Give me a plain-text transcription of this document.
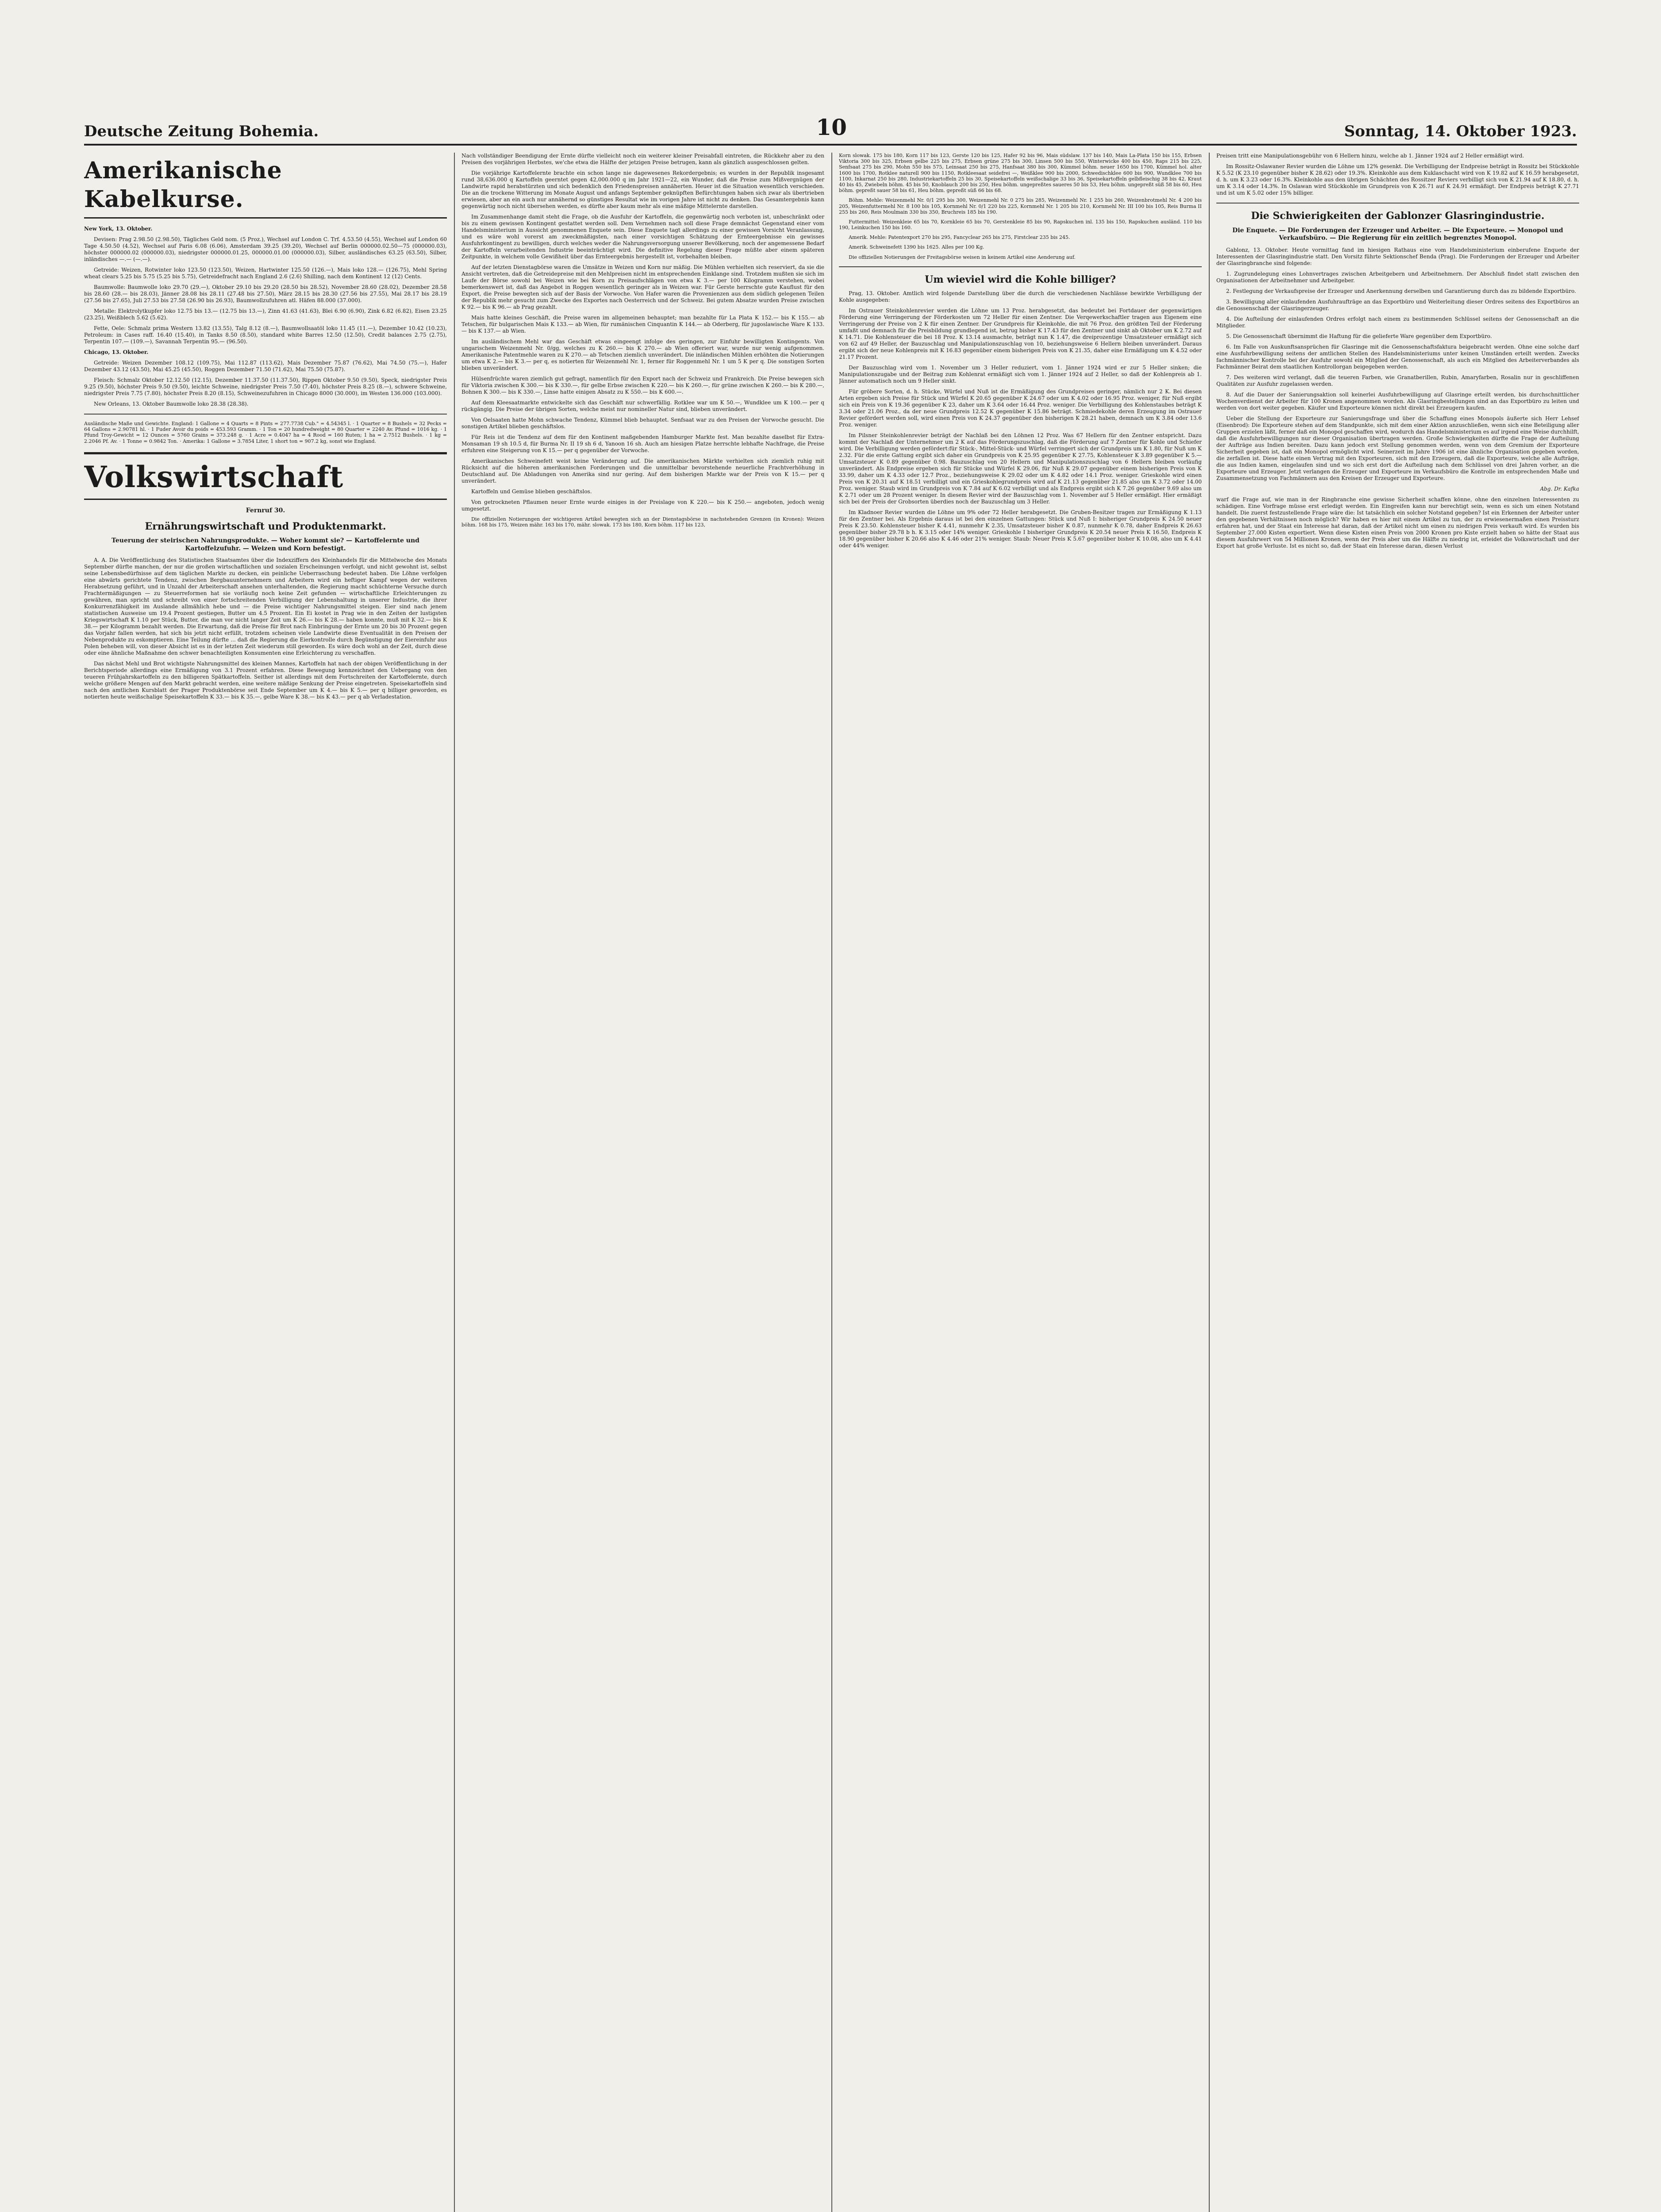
Deutsche Zeitung Bohemia.	10	Sonntag, 14. Oktober 1923.
Amerikanische Kabelkurse.

New York, 13. Oktober.

Devisen: Prag 2.98.50 (2.98.50), Tägliches Geld nom. (5 Proz.), Wechsel auf London C. Trf. 4.53.50 (4.55), Wechsel auf London 60 Tage 4.50.50 (4.52), Wechsel auf Paris 6.08 (6.06), Amsterdam 39.25 (39.20), Wechsel auf Berlin 000000.02.50—75 (000000.03), höchster 000000.02 (000000.03), niedrigster 000000.01.25, 000000.01.00 (000000.03), Silber, ausländisches 63.25 (63.50), Silber, inländisches —.— (—.—).

Getreide: Weizen, Rotwinter loko 123.50 (123.50), Weizen, Hartwinter 125.50 (126.—), Mais loko 128.— (126.75), Mehl Spring wheat clears 5.25 bis 5.75 (5.25 bis 5.75), Getreidefracht nach England 2.6 (2.6) Shilling, nach dem Kontinent 12 (12) Cents.

Baumwolle: Baumwolle loko 29.70 (29.—), Oktober 29.10 bis 29.20 (28.50 bis 28.52), November 28.60 (28.02), Dezember 28.58 bis 28.60 (28.— bis 28.03), Jänner 28.08 bis 28.11 (27.48 bis 27.50), März 28.15 bis 28.30 (27.56 bis 27.55), Mai 28.17 bis 28.19 (27.56 bis 27.65), Juli 27.53 bis 27.58 (26.90 bis 26.93), Baumwollzufuhren atl. Häfen 88.000 (37.000).

Metalle: Elektrolytkupfer loko 12.75 bis 13.— (12.75 bis 13.—), Zinn 41.63 (41.63), Blei 6.90 (6.90), Zink 6.82 (6.82), Eisen 23.25 (23.25), Weißblech 5.62 (5.62).

Fette, Oele: Schmalz prima Western 13.82 (13.55), Talg 8.12 (8.—), Baumwollsaatöl loko 11.45 (11.—), Dezember 10.42 (10.23), Petroleum: in Cases raff. 16.40 (15.40), in Tanks 8.50 (8.50), standard white Barres 12.50 (12.50), Credit balances 2.75 (2.75), Terpentin 107.— (109.—), Savannah Terpentin 95.— (96.50).

Chicago, 13. Oktober.

Getreide: Weizen Dezember 108.12 (109.75), Mai 112.87 (113.62), Mais Dezember 75.87 (76.62), Mai 74.50 (75.—), Hafer Dezember 43.12 (43.50), Mai 45.25 (45.50), Roggen Dezember 71.50 (71.62), Mai 75.50 (75.87).

Fleisch: Schmalz Oktober 12.12.50 (12.15), Dezember 11.37.50 (11.37.50), Rippen Oktober 9.50 (9.50), Speck, niedrigster Preis 9.25 (9.50), höchster Preis 9.50 (9.50), leichte Schweine, niedrigster Preis 7.50 (7.40), höchster Preis 8.25 (8.—), schwere Schweine, niedrigster Preis 7.75 (7.80), höchster Preis 8.20 (8.15), Schweinezufuhren in Chicago 8000 (30.000), im Westen 136.000 (103.000).

New Orleans, 13. Oktober Baumwolle loko 28.38 (28.38).

Ausländische Maße und Gewichte. England: 1 Gallone = 4 Quarts = 8 Pints = 277.7738 Cub." = 4.54345 l. · 1 Quarter = 8 Bushels = 32 Pecks = 64 Gallons = 2.90781 hl. · 1 Fuder Avoir du poids = 453.593 Gramm. · 1 Ton = 20 hundredweight = 80 Quarter = 2240 Av. Pfund = 1016 kg. · 1 Pfund Troy-Gewicht = 12 Ounces = 5760 Grains = 373.248 g. · 1 Acre = 0.4047 ha = 4 Rood = 160 Ruten; 1 ha = 2.7512 Bushels. · 1 kg = 2.2046 Pf. Av. · 1 Tonne = 0.9842 Ton. · Amerika: 1 Gallone = 3.7854 Liter, 1 short ton = 907.2 kg, sonst wie England.

Volkswirtschaft
Fernruf 30.
Ernährungswirtschaft und Produktenmarkt.
Teuerung der steirischen Nahrungsprodukte. — Woher kommt sie? — Kartoffelernte und Kartoffelzufuhr. — Weizen und Korn befestigt.

A. A. Die Veröffentlichung des Statistischen Staatsamtes über die Indexziffern des Kleinhandels für die Mittelwoche des Monats September dürfte manchen, der nur die großen wirtschaftlichen und sozialen Erscheinungen verfolgt, und nicht gewohnt ist, selbst seine Lebensbedürfnisse auf dem täglichen Markte zu decken, ein peinliche Ueberraschung bedeutet haben. Die Löhne verfolgen eine abwärts gerichtete Tendenz, zwischen Bergbauunternehmern und Arbeitern wird ein heftiger Kampf wegen der weiteren Herabsetzung geführt, und in Unzahl der Arbeiterschaft ansehen unterhaltenden, die Regierung macht schüchterne Versuche durch Frachtermäßigungen — zu Steuerreformen hat sie vorläufig noch keine Zeit gefunden — wirtschaftliche Erleichterungen zu gewähren, man spricht und schreibt von einer fortschreitenden Verbilligung der Lebenshaltung in unserer Industrie, die ihrer Konkurrenzfähigkeit im Auslande allmählich hebe und — die Preise wichtiger Nahrungsmittel steigen. Eier sind nach jenem statistischen Ausweise um 19.4 Prozent gestiegen, Butter um 4.5 Prozent. Ein Ei kostet in Prag wie in den Zeiten der lustigsten Kriegswirtschaft K 1.10 per Stück, Butter, die man vor nicht langer Zeit um K 26.— bis K 28.— haben konnte, muß mit K 32.— bis K 38.— per Kilogramm bezahlt werden. Die Erwartung, daß die Preise für Brot nach Einbringung der Ernte um 20 bis 30 Prozent gegen das Vorjahr fallen werden, hat sich bis jetzt nicht erfüllt, trotzdem scheinen viele Landwirte diese Eventualität in den Preisen der Nebenprodukte zu eskomptieren. Eine Teilung dürfte ... daß die Regierung die Eierkontrolle durch Begünstigung der Eiereinfuhr aus Polen beheben will, von dieser Absicht ist es in der letzten Zeit wiederum still geworden. Es wäre doch wohl an der Zeit, durch diese oder eine ähnliche Maßnahme den schwer benachteiligten Konsumenten eine Erleichterung zu verschaffen.

Das nächst Mehl und Brot wichtigste Nahrungsmittel des kleinen Mannes, Kartoffeln hat nach der obigen Veröffentlichung in der Berichtsperiode allerdings eine Ermäßigung von 3.1 Prozent erfahren. Diese Bewegung kennzeichnet den Uebergang von den teueren Frühjahrskartoffeln zu den billigeren Spätkartoffeln. Seither ist allerdings mit dem Fortschreiten der Kartoffelernte, durch welche größere Mengen auf den Markt gebracht werden, eine weitere mäßige Senkung der Preise eingetreten. Speisekartoffeln sind nach den amtlichen Kursblatt der Prager Produktenbörse seit Ende September um K 4.— bis K 5.— per q billiger geworden, es notierten heute weißschalige Speisekartoffeln K 33.— bis K 35.—, gelbe Ware K 38.— bis K 43.— per q ab Verladestation.

Nach vollständiger Beendigung der Ernte dürfte vielleicht noch ein weiterer kleiner Preisabfall eintreten, die Rückkehr aber zu den Preisen des vorjährigen Herbstes, we'che etwa die Hälfte der jetzigen Preise betrugen, kann als gänzlich ausgeschlossen gelten.

Die vorjährige Kartoffelernte brachte ein schon lange nie dagewesenes Rekordergebnis; es wurden in der Republik insgesamt rund 38,636.000 q Kartoffeln geerntet gegen 42,000.000 q im Jahr 1921—22, ein Wunder, daß die Preise zum Mißvergnügen der Landwirte rapid herabstürzten und sich bedenklich den Friedenspreisen annäherten. Heuer ist die Situation wesentlich verschieden. Die an die trockene Witterung im Monate August und anfangs September geknüpften Befürchtungen haben sich zwar als übertrieben erwiesen, aber an ein auch nur annähernd so günstiges Resultat wie im vorigen Jahre ist nicht zu denken. Das Gesamtergebnis kann gegenwärtig noch nicht übersehen werden, es dürfte aber kaum mehr als eine mäßige Mittelernte darstellen.

Im Zusammenhange damit steht die Frage, ob die Ausfuhr der Kartoffeln, die gegenwärtig noch verboten ist, unbeschränkt oder bis zu einem gewissen Kontingent gestattet werden soll. Dem Vernehmen nach soll diese Frage demnächst Gegenstand einer vom Handelsministerium in Aussicht genommenen Enquete sein. Diese Enquete tagt allerdings zu einer gewissen Vorsicht Veranlassung, und es wäre wohl vorerst am zweckmäßigsten, nach einer vorsichtigen Schätzung der Ernteergebnisse ein gewisses Ausfuhrkontingent zu bewilligen, durch welches weder die Nahrungsversorgung unserer Bevölkerung, noch der angemessene Bedarf der Kartoffeln verarbeitenden Industrie beeinträchtigt wird. Die definitive Regelung dieser Frage müßte aber einem späteren Zeitpunkte, in welchem volle Gewißheit über das Ernteergebnis hergestellt ist, vorbehalten bleiben.

Auf der letzten Dienstagbörse waren die Umsätze in Weizen und Korn nur mäßig. Die Mühlen verhielten sich reserviert, da sie die Ansicht vertreten, daß die Getreidepreise mit den Mehlpreisen nicht im entsprechenden Einklange sind. Trotzdem mußten sie sich im Laufe der Börse sowohl bei Weizen wie bei Korn zu Preisaufschlägen von etwa K 3.— per 100 Kilogramm verstehen, wobei bemerkenswert ist, daß das Angebot in Roggen wesentlich geringer als in Weizen war. Für Gerste herrschte gute Kauflust für den Export, die Preise bewegten sich auf der Basis der Vorwoche. Von Hafer waren die Provenienzen aus dem südlich gelegenen Teilen der Republik mehr gesucht zum Zwecke des Exportes nach Oesterreich und der Schweiz. Bei gutem Absatze wurden Preise zwischen K 92.— bis K 96.— ab Prag gezahlt.

Mais hatte kleines Geschäft, die Preise waren im allgemeinen behauptet; man bezahlte für La Plata K 152.— bis K 155.— ab Tetschen, für bulgarischen Mais K 133.— ab Wien, für rumänischen Cinquantin K 144.— ab Oderberg, für jugoslawische Ware K 133.— bis K 137.— ab Wien.

Im ausländischem Mehl war das Geschäft etwas eingeengt infolge des geringen, zur Einfuhr bewilligten Kontingents. Von ungarischem Weizenmehl Nr. 0/gg, welches zu K 260.— bis K 270.— ab Wien offeriert war, wurde nur wenig aufgenommen. Amerikanische Patentmehle waren zu K 270.— ab Tetschen ziemlich unverändert. Die inländischen Mühlen erhöhten die Notierungen um etwa K 2.— bis K 3.— per q, es notierten für Weizenmehl Nr. 1, ferner für Roggenmehl Nr. 1 um 5 K per q. Die sonstigen Sorten blieben unverändert.

Hülsenfrüchte waren ziemlich gut gefragt, namentlich für den Export nach der Schweiz und Frankreich. Die Preise bewegen sich für Viktoria zwischen K 300.— bis K 330.—, für gelbe Erbse zwischen K 220.— bis K 260.—, für grüne zwischen K 260.— bis K 280.—, Bohnen K 300.— bis K 330.—, Linse hatte einigen Absatz zu K 550.— bis K 600.—.

Auf dem Kleesaatmarkte entwickelte sich das Geschäft nur schwerfällig. Rotklee war um K 50.—, Wundklee um K 100.— per q rückgängig. Die Preise der übrigen Sorten, welche meist nur nomineller Natur sind, blieben unverändert.

Von Oelsaaten hatte Mohn schwache Tendenz, Kümmel blieb behauptet. Senfsaat war zu den Preisen der Vorwoche gesucht. Die sonstigen Artikel blieben geschäftslos.

Für Reis ist die Tendenz auf dem für den Kontinent maßgebenden Hamburger Markte fest. Man bezahlte daselbst für Extra-Monsaman 19 sh 10.5 d, für Burma Nr. II 19 sh 6 d, Yanoon 16 sh. Auch am hiesigen Platze herrschte lebhafte Nachfrage, die Preise erfuhren eine Steigerung von K 15.— per q gegenüber der Vorwoche.

Amerikanisches Schweinefett weist keine Veränderung auf. Die amerikanischen Märkte verhielten sich ziemlich ruhig mit Rücksicht auf die höheren amerikanischen Forderungen und die unmittelbar bevorstehende neuerliche Frachtverhöhung in Deutschland auf. Die Abladungen von Amerika sind nur gering. Auf dem bisherigen Markte war der Preis von K 15.— per q unverändert.

Kartoffeln und Gemüse blieben geschäftslos.

Von getrockneten Pflaumen neuer Ernte wurde einiges in der Preislage von K 220.— bis K 250.— angeboten, jedoch wenig umgesetzt.

Die offiziellen Notierungen der wichtigeren Artikel bewegten sich an der Dienstagsbörse in nachstehenden Grenzen (in Kronen): Weizen böhm. 168 bis 175, Weizen mähr. 163 bis 170, mähr. slowak. 173 bis 180, Korn böhm. 117 bis 123,

Korn slowak. 175 bis 180, Korn 117 bis 123, Gerste 120 bis 125, Hafer 92 bis 96, Mais südslaw. 137 bis 140, Mais La-Plata 150 bis 155, Erbsen Viktoria 300 bis 325, Erbsen gelbe 225 bis 275, Erbsen grüne 275 bis 300, Linsen 500 bis 550, Winterwicke 400 bis 450, Raps 215 bis 225, Senfsaat 275 bis 290, Mohn 550 bis 575, Leinsaat 250 bis 275, Hanfsaat 380 bis 300, Kümmel böhm. neuer 1650 bis 1700, Kümmel hol. alter 1600 bis 1700, Rotklee naturell 900 bis 1150, Rotkleesaat seidefrei —, Weißklee 900 bis 2000, Schwedischklee 600 bis 900, Wundklee 700 bis 1100, Inkarnat 250 bis 280, Industriekartoffeln 25 bis 30, Speisekartoffeln weißschalige 33 bis 36, Speisekartoffeln gelbfleischig 38 bis 42, Kraut 40 bis 45, Zwiebeln böhm. 45 bis 50, Knoblauch 200 bis 250, Heu böhm. ungepreßtes saueres 50 bis 53, Heu böhm. ungepreßt süß 58 bis 60, Heu böhm. gepreßt sauer 58 bis 61, Heu böhm. gepreßt süß 66 bis 68.

Böhm. Mehle: Weizenmehl Nr. 0/1 295 bis 300, Weizenmehl Nr. 0 275 bis 285, Weizenmehl Nr. 1 255 bis 260, Weizenbrotmehl Nr. 4 200 bis 205, Weizenfuttermehl Nr. 8 100 bis 105, Kornmehl Nr. 0/1 220 bis 225, Kornmehl Nr. 1 205 bis 210, Kornmehl Nr. III 100 bis 105, Reis Burma II 255 bis 260, Reis Moulmain 330 bis 350, Bruchreis 185 bis 190.

Futtermittel: Weizenkleie 65 bis 70, Kornkleie 65 bis 70, Gerstenkleie 85 bis 90, Rapskuchen inl. 135 bis 150, Rapskuchen ausländ. 110 bis 190, Leinkuchen 150 bis 160.

Amerik. Mehle: Patentexport 270 bis 295, Fancyclear 265 bis 275, Firstclear 235 bis 245.

Amerik. Schweinefett 1390 bis 1625. Alles per 100 Kg.

Die offiziellen Notierungen der Freitagsbörse weisen in keinem Artikel eine Aenderung auf.

Um wieviel wird die Kohle billiger?

Prag, 13. Oktober. Amtlich wird folgende Darstellung über die durch die verschiedenen Nachlässe bewirkte Verbilligung der Kohle ausgegeben:

Im Ostrauer Steinkohlenrevier werden die Löhne um 13 Proz. herabgesetzt, das bedeutet bei Fortdauer der gegenwärtigen Förderung eine Verringerung der Förderkosten um 72 Heller für einen Zentner. Die Verqewerkschaftler tragen aus Eigenem eine Verringerung der Preise von 2 K für einen Zentner. Der Grundpreis für Kleinkohle, die mit 76 Proz. den größten Teil der Förderung umfaßt und demnach für die Preisbildung grundlegend ist, betrug bisher K 17.43 für den Zentner und sinkt ab Oktober um K 2.72 auf K 14.71. Die Kohlensteuer die bei 18 Proz. K 13.14 ausmachte, beträgt nun K 1.47, die dreiprozentige Umsatzsteuer ermäßigt sich von 62 auf 49 Heller, der Bauzuschlag und Manipulationszuschlag von 10, beziehungsweise 6 Hellern bleiben unverändert. Daraus ergibt sich der neue Kohlenpreis mit K 16.83 gegenüber einem bisherigen Preis von K 21.35, daher eine Ermäßigung um K 4.52 oder 21.17 Prozent.

Der Bauzuschlag wird vom 1. November um 3 Heller reduziert, vom 1. Jänner 1924 wird er zur 5 Heller sinken; die Manipulationszugabe und der Beitrag zum Kohlenrat ermäßigt sich vom 1. Jänner 1924 auf 2 Heller, so daß der Kohlenpreis ab 1. Jänner automatisch noch um 9 Heller sinkt.

Für gröbere Sorten, d. h. Stücke, Würfel und Nuß ist die Ermäßigung des Grundpreises geringer, nämlich nur 2 K. Bei diesen Arten ergeben sich Preise für Stück und Würfel K 20.65 gegenüber K 24.67 oder um K 4.02 oder 16.95 Proz. weniger, für Nuß ergibt sich ein Preis von K 19.36 gegenüber K 23, daher um K 3.64 oder 16.44 Proz. weniger. Die Verbilligung des Kohlenstaubes beträgt K 3.34 oder 21.06 Proz., da der neue Grundpreis 12.52 K gegenüber K 15.86 beträgt. Schmiedekohle deren Erzeugung im Ostrauer Revier gefördert werden soll, wird einen Preis von K 24.37 gegenüber den bisherigen K 28.21 haben, demnach um K 3.84 oder 13.6 Proz. weniger.

Im Pilsner Steinkohlenrevier beträgt der Nachlaß bei den Löhnen 12 Proz. Was 67 Hellern für den Zentner entspricht. Dazu kommt der Nachlaß der Unternehmer um 2 K auf das Förderungszuschlag, daß die Förderung auf 7 Zentner für Kohle und Schiefer wird. Die Verbilligung werden gefördert:für Stück-, Mittel-Stück- und Würfel verringert sich der Grundpreis um K 1.80, für Nuß um K 2.32. Für die erste Gattung ergibt sich daher ein Grundpreis von K 25.95 gegenüber K 27.75, Kohlensteuer K 3.89 gegenüber K 5.— Umsatzsteuer K 0.89 gegenüber 0.98. Bauzuschlag von 20 Hellern und Manipulationszuschlag von 6 Hellern bleiben vorläufig unverändert. Als Endpreise ergeben sich für Stücke und Würfel K 29.06, für Nuß K 29.07 gegenüber einem bisherigen Preis von K 33.99, daher um K 4.33 oder 12.7 Proz., beziehungsweise K 29.02 oder um K 4.82 oder 14.1 Proz. weniger. Grieskohle wird einen Preis von K 20.31 auf K 18.51 verbilligt und ein Grieskohlegrundpreis wird auf K 21.13 gegenüber 21.85 also um K 3.72 oder 14.00 Proz. weniger. Staub wird im Grundpreis von K 7.84 auf K 6.02 verbilligt und als Endpreis ergibt sich K 7.26 gegenüber 9.69 also um K 2.71 oder um 28 Prozent weniger. In diesem Revier wird der Bauzuschlag vom 1. November auf 5 Heller ermäßigt. Hier ermäßigt sich bei der Preis der Grobsorten überdies noch der Bauzuschlag um 3 Heller.

Im Kladnoer Revier wurden die Löhne um 9% oder 72 Heller herabgesetzt. Die Gruben-Besitzer tragen zur Ermäßigung K 1.13 für den Zentner bei. Als Ergebnis daraus ist bei den einzelnen Gattungen: Stück und Nuß I: bisheriger Grundpreis K 24.50 neuer Preis K 23.50. Kohlensteuer bisher K 4.41, nunmehr K 2.35, Umsatzsteuer bisher K 0.87, nunmehr K 0.78, daher Endpreis K 26.63 gegenüber bisher 29.78 b h. K 3.15 oder 14% weniger. Grieskohle I bisheriger Grundpreis K 20.54 neuer Preis K 16.50, Endpreis K 18.90 gegenüber bisher K 20.66 also K 4.46 oder 21% weniger. Staub: Neuer Preis K 5.67 gegenüber bisher K 10.08, also um K 4.41 oder 44% weniger.

Preisen tritt eine Manipulationsgebühr von 6 Hellern hinzu, welche ab 1. Jänner 1924 auf 2 Heller ermäßigt wird.

Im Rossitz-Oslawaner Revier wurden die Löhne um 12% gesenkt. Die Verbilligung der Endpreise beträgt in Rossitz bei Stückkohle K 5.52 (K 23.10 gegenüber bisher K 28.62) oder 19.3%. Kleinkohle aus dem Kuklaschacht wird von K 19.82 auf K 16.59 herabgesetzt, d. h. um K 3.23 oder 16.3%. Kleinkohle aus den übrigen Schächten des Rossitzer Reviers verbilligt sich von K 21.94 auf K 18.80, d. h. um K 3.14 oder 14.3%. In Oslawan wird Stückkohle im Grundpreis von K 26.71 auf K 24.91 ermäßigt. Der Endpreis beträgt K 27.71 und ist um K 5.02 oder 15% billiger.

Die Schwierigkeiten der Gablonzer Glasringindustrie.
Die Enquete. — Die Forderungen der Erzeuger und Arbeiter. — Die Exporteure. — Monopol und Verkaufsbüro. — Die Regierung für ein zeitlich begrenztes Monopol.

Gablonz, 13. Oktober. Heute vormittag fand im hiesigen Rathaus eine vom Handelsministerium einberufene Enquete der Interessenten der Glasringindustrie statt. Den Vorsitz führte Sektionschef Benda (Prag). Die Forderungen der Erzeuger und Arbeiter der Glasringbranche sind folgende:

1. Zugrundelegung eines Lohnvertrages zwischen Arbeitgebern und Arbeitnehmern. Der Abschluß findet statt zwischen den Organisationen der Arbeitnehmer und Arbeitgeber.

2. Festlegung der Verkaufspreise der Erzeuger und Anerkennung derselben und Garantierung durch das zu bildende Exportbüro.

3. Bewilligung aller einlaufenden Ausfuhraufträge an das Exportbüro und Weiterleitung dieser Ordres seitens des Exportbüros an die Genossenschaft der Glasringerzeuger.

4. Die Aufteilung der einlaufenden Ordres erfolgt nach einem zu bestimmenden Schlüssel seitens der Genossenschaft an die Mitglieder.

5. Die Genossenschaft übernimmt die Haftung für die gelieferte Ware gegenüber dem Exportbüro.

6. Im Falle von Auskunftsansprüchen für Glasringe mit die Genossenschaftsfaktura beigebracht werden. Ohne eine solche darf eine Ausfuhrbewilligung seitens der amtlichen Stellen des Handelsministeriums unter keinen Umständen erteilt werden. Zwecks fachmännischer Kontrolle bei der Ausfuhr sowohl ein Mitglied der Genossenschaft, als auch ein Mitglied des Arbeiterverbandes als Fachmänner Beirat dem staatlichen Kontrollorgan beigegeben werden.

7. Des weiteren wird verlangt, daß die teueren Farben, wie Granatberillen, Rubin, Amaryfarben, Rosalin nur in geschliffenen Qualitäten zur Ausfuhr zugelassen werden.

8. Auf die Dauer der Sanierungsaktion soll keinerlei Ausfuhrbewilligung auf Glasringe erteilt werden, bis durchschnittlicher Wochenverdienst der Arbeiter für 100 Kronen angenommen worden. Als Glasringbestellungen sind an das Exportbüro zu leiten und werden von dort weiter gegeben. Käufer und Exporteure können nicht direkt bei Erzeugern kaufen.

Ueber die Stellung der Exporteure zur Sanierungsfrage und über die Schaffung eines Monopols äußerte sich Herr Lehsef (Eisenbrod): Die Exporteure stehen auf dem Standpunkte, sich mit dem einer Aktion anzuschließen, wenn sich eine Beteiligung aller Gruppen erzielen läßt, ferner daß ein Monopol geschaffen wird, wodurch das Handelsministerium es auf irgend eine Weise durchhilft, daß die Ausfuhrbewilligungen nur dieser Organisation übertragen werden. Große Schwierigkeiten dürfte die Frage der Aufteilung der Aufträge aus Indien bereiten. Dazu kann jedoch erst Stellung genommen werden, wenn von dem Gremium der Exporteure Sicherheit gegeben ist, daß ein Monopol ermöglicht wird. Seinerzeit im Jahre 1906 ist eine ähnliche Organisation gegeben worden, die zerfallen ist. Diese hatte einen Vertrag mit den Exporteuren, sich mit den Erzeugern, daß die Exporteure, welche alle Aufträge, die aus Indien kamen, eingelaufen sind und wo sich erst dort die Aufteilung nach dem Schlüssel von drei Jahren vorher, an die Exporteure und Erzeuger. Jetzt verlangen die Erzeuger und Exporteure im Verkaufsbüro die Kontrolle im entsprechenden Maße und Zusammensetzung von Fachmännern aus den Kreisen der Erzeuger und Exporteure.

Abg. Dr. Kafka

warf die Frage auf, wie man in der Ringbranche eine gewisse Sicherheit schaffen könne, ohne den einzelnen Interessenten zu schädigen. Eine Vorfrage müsse erst erledigt werden. Ein Eingreifen kann nur berechtigt sein, wenn es sich um einen Notstand handelt. Die zuerst festzustellende Frage wäre die: Ist tatsächlich ein solcher Notstand gegeben? Ist ein Erkennen der Arbeiter unter den gegebenen Verhältnissen noch möglich? Wir haben es hier mit einem Artikel zu tun, der zu erwiesenermaßen einen Preissturz erfahren hat, und der Staat ein Interesse hat daran, daß der Artikel nicht um einen zu niedrigen Preis verkauft wird. Es wurden bis September 27.000 Kisten exportiert. Wenn diese Kisten einen Preis von 2000 Kronen pro Kiste erzielt haben so hätte der Staat aus diesem Ausfuhrwert von 54 Millionen Kronen, wenn der Preis aber um die Hälfte zu niedrig ist, erleidet die Volkswirtschaft und der Export hat große Verluste. Ist es nicht so, daß der Staat ein Interesse daran, diesen Verlust
